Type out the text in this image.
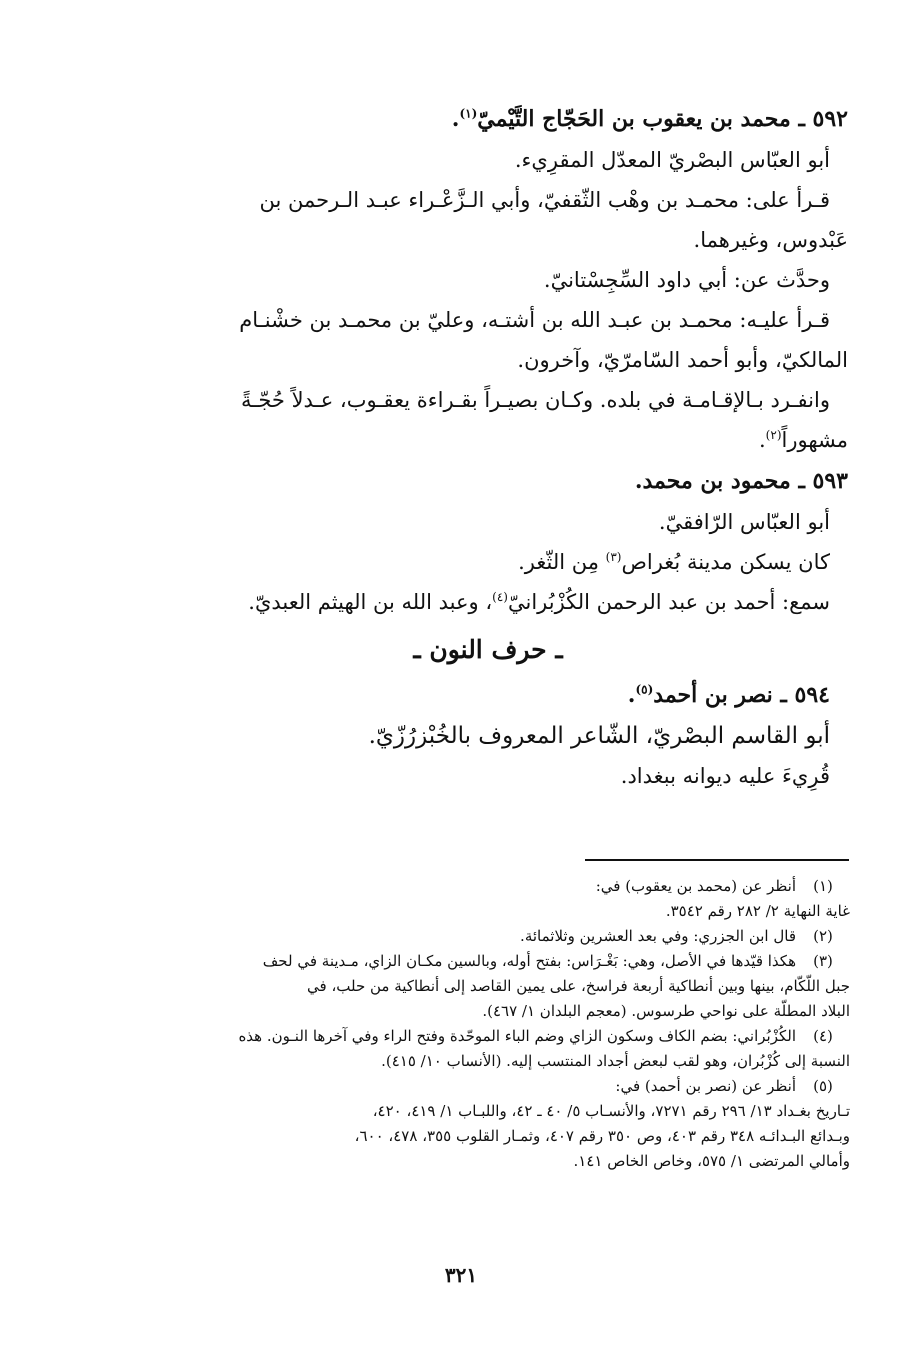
٥٩٢ ـ محمد بن يعقوب بن الحَجّاج التَّيْميّ$^{(١)}$.
أبو العبّاس البصْريّ المعدّل المقرِيء.
قـرأ على: محمـد بن وهْب الثّقفيّ، وأبي الـزَّعْـراء عبـد الـرحمن بن
عَبْدوس، وغيرهما.
وحدَّث عن: أبي داود السِّجِسْتانيّ.
قـرأ عليـه: محمـد بن عبـد الله بن أشتـه، وعليّ بن محمـد بن خشْنـام
المالكيّ، وأبو أحمد السّامرّيّ، وآخرون.
وانفـرد بـالإقـامـة في بلده. وكـان بصيـراً بقـراءة يعقـوب، عـدلاً حُجّـةً
مشهوراً$^{(٢)}$.
٥٩٣ ـ محمود بن محمد.
أبو العبّاس الرّافقيّ.
كان يسكن مدينة بُغراص$^{(٣)}$ مِن الثّغر.
سمع: أحمد بن عبد الرحمن الكُزْبُرانيّ$^{(٤)}$، وعبد الله بن الهيثم العبديّ.
ـ حرف النون ـ
٥٩٤ ـ نصر بن أحمد$^{(٥)}$.
أبو القاسم البصْريّ، الشّاعر المعروف بالخُبْزرُزّيّ.
قُرِيءَ عليه ديوانه ببغداد.
(١)
أنظر عن (محمد بن يعقوب) في:
غاية النهاية ٢/ ٢٨٢ رقم ٣٥٤٢.
(٢)
قال ابن الجزري: وفي بعد العشرين وثلاثمائة.
(٣)
هكذا قيّدها في الأصل، وهي: بَغْـرَاس: بفتح أوله، وبالسين مكـان الزاي، مـدينة في لحف
جبل اللّكّام، بينها وبين أنطاكية أربعة فراسخ، على يمين القاصد إلى أنطاكية من حلب، في
البلاد المطلّة على نواحي طرسوس. (معجم البلدان ١/ ٤٦٧).
(٤)
الكُزْبُراني: بضم الكاف وسكون الزاي وضم الباء الموحّدة وفتح الراء وفي آخرها النـون. هذه
النسبة إلى كُزْبُران، وهو لقب لبعض أجداد المنتسب إليه. (الأنساب ١٠/ ٤١٥).
(٥)
أنظر عن (نصر بن أحمد) في:
تـاريخ بغـداد ١٣/ ٢٩٦ رقم ٧٢٧١، والأنسـاب ٥/ ٤٠ ـ ٤٢، واللبـاب ١/ ٤١٩، ٤٢٠،
وبـدائع البـدائـه ٣٤٨ رقم ٤٠٣، وص ٣٥٠ رقم ٤٠٧، وثمـار القلوب ٣٥٥، ٤٧٨، ٦٠٠،
وأمالي المرتضى ١/ ٥٧٥، وخاص الخاص ١٤١.
٣٢١
